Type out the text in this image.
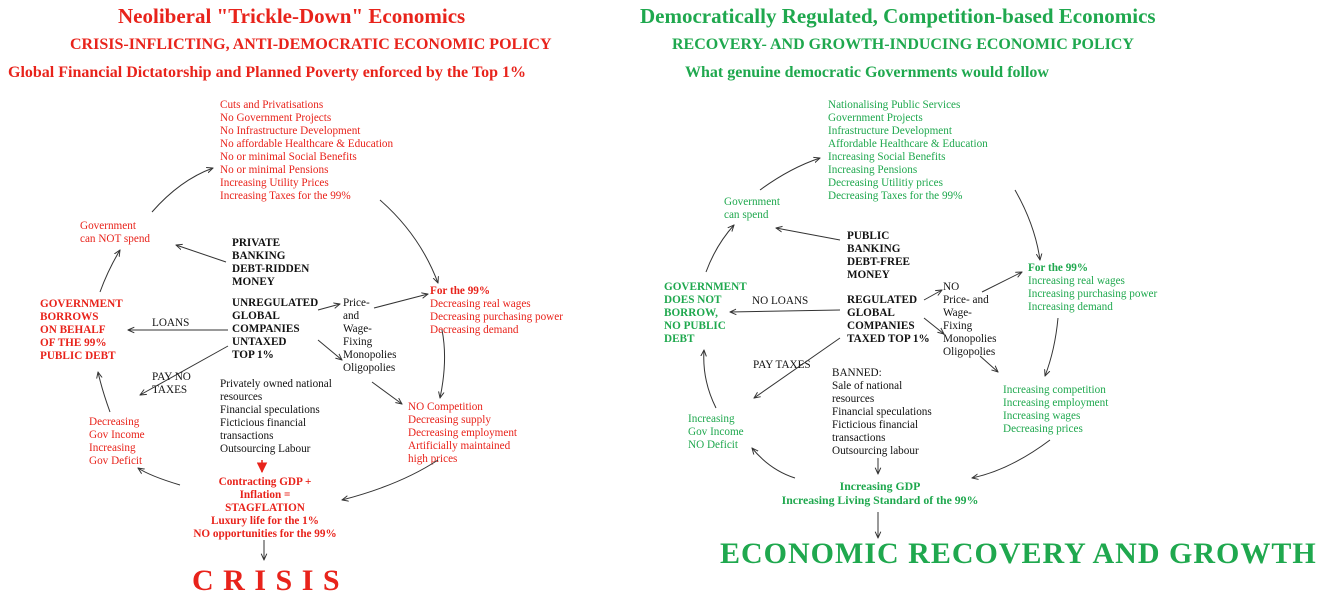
Neoliberal "Trickle-Down" Economics
CRISIS-INFLICTING, ANTI-DEMOCRATIC ECONOMIC POLICY
Global Financial Dictatorship and Planned Poverty enforced by the Top 1%
Cuts and Privatisations
No Government Projects
No Infrastructure Development
No affordable Healthcare & Education
No or minimal Social Benefits
No or minimal Pensions
Increasing Utility Prices
Increasing Taxes for the 99%
Government
can NOT spend	PRIVATE
BANKING
DEBT-RIDDEN
MONEY
UNREGULATED
GLOBAL
COMPANIES
UNTAXED
TOP 1%
Price-
and
Wage-
Fixing
Monopolies
Oligopolies
For the 99%
Decreasing real wages
Decreasing purchasing power
Decreasing demand
GOVERNMENT
BORROWS
ON BEHALF
OF THE 99%
PUBLIC DEBT
LOANS
PAY NO
TAXES	Privately owned national
resources
Financial speculations
Ficticious financial
transactions
Outsourcing Labour
Decreasing
Gov Income
Increasing
Gov Deficit
NO Competition
Decreasing supply
Decreasing employment
Artificially maintained
high prices
Contracting GDP +
Inflation =
STAGFLATION
Luxury life for the 1%
NO opportunities for the 99%
C R I S I S
Democratically Regulated, Competition-based Economics
RECOVERY- AND GROWTH-INDUCING ECONOMIC POLICY
What genuine democratic Governments would follow
Nationalising Public Services
Government Projects
Infrastructure Development
Affordable Healthcare & Education
Increasing Social Benefits
Increasing Pensions
Decreasing Utilitiy prices
Decreasing Taxes for the 99%
Government
can spend
PUBLIC
BANKING
DEBT-FREE
MONEY
REGULATED
GLOBAL
COMPANIES
TAXED TOP 1%
NO
Price- and
Wage-
Fixing
Monopolies
Oligopolies
For the 99%
Increasing real wages
Increasing purchasing power
Increasing demand
GOVERNMENT
DOES NOT
BORROW,
NO PUBLIC
DEBT
NO LOANS
PAY TAXES
BANNED:
Sale of national
resources
Financial speculations
Ficticious financial
transactions
Outsourcing labour
Increasing
Gov Income
NO Deficit
Increasing competition
Increasing employment
Increasing wages
Decreasing prices
Increasing GDP
Increasing Living Standard of the 99%
ECONOMIC RECOVERY AND GROWTH
